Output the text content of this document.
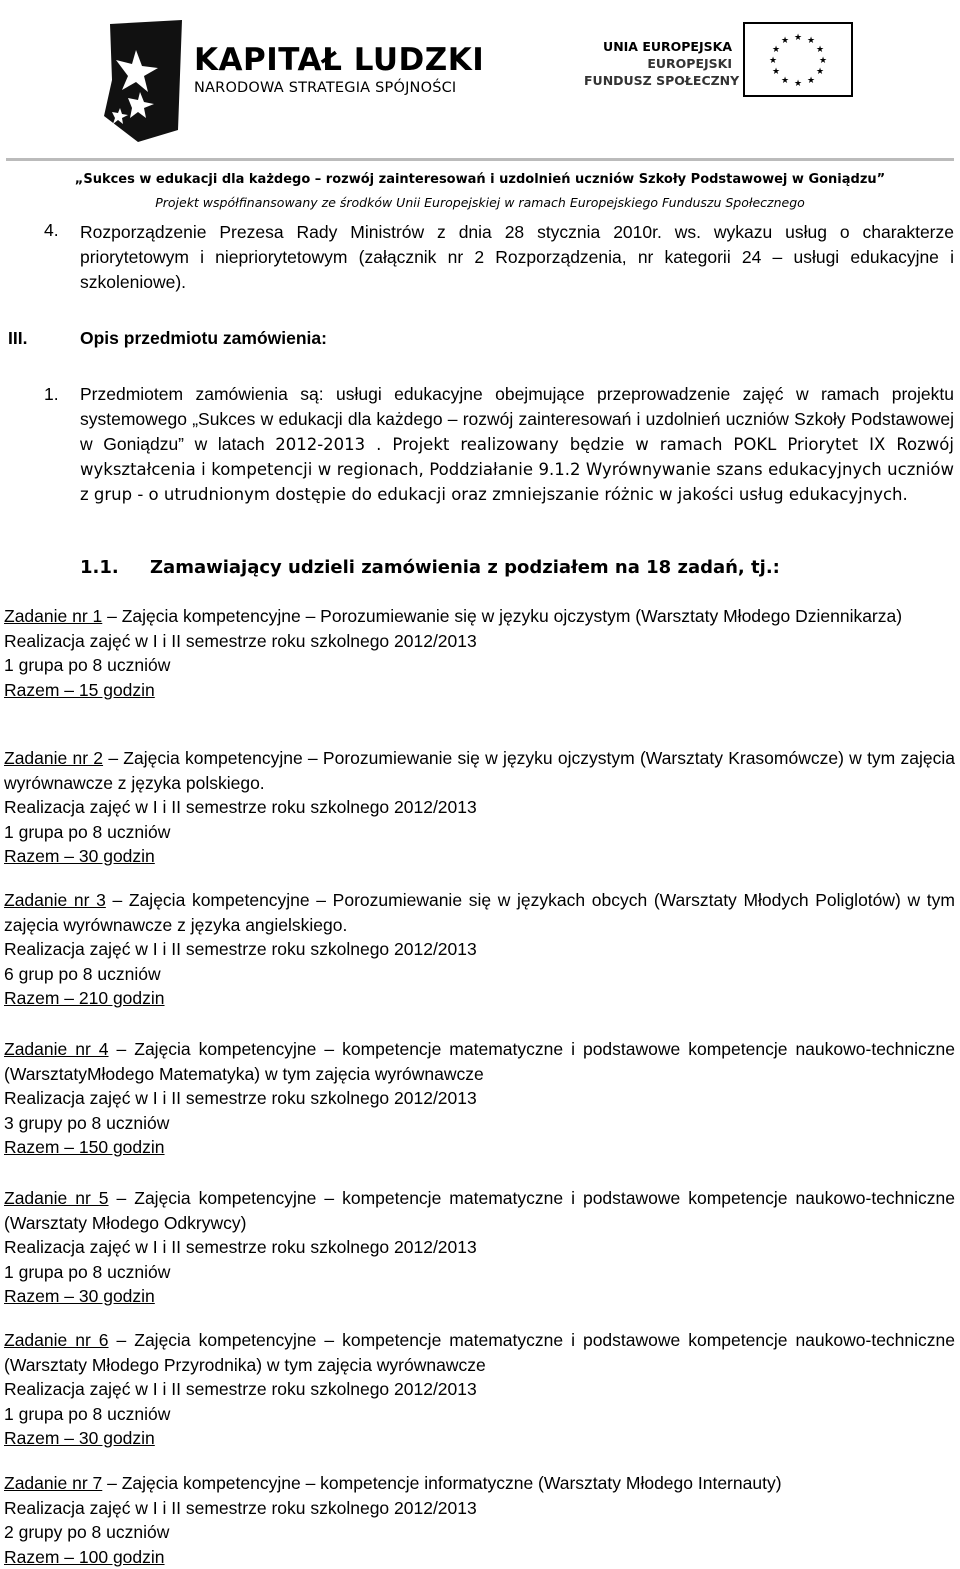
KAPITAŁ LUDZKI
NARODOWA STRATEGIA SPÓJNOŚCI
UNIA EUROPEJSKA
EUROPEJSKI
FUNDUSZ SPOŁECZNY
★ ★
★
★
★
★
★
★
★
★
★
★
„Sukces w edukacji dla każdego – rozwój zainteresowań i uzdolnień uczniów Szkoły Podstawowej w Goniądzu”
Projekt współfinansowany ze środków Unii Europejskiej w ramach Europejskiego Funduszu Społecznego
4. Rozporządzenie Prezesa Rady Ministrów z dnia 28 stycznia 2010r. ws. wykazu usług o charakterze priorytetowym i niepriorytetowym (załącznik nr 2 Rozporządzenia, nr kategorii 24 – usługi edukacyjne i szkoleniowe).
III.	Opis przedmiotu zamówienia:
1. Przedmiotem zamówienia są: usługi edukacyjne obejmujące przeprowadzenie zajęć w ramach projektu systemowego „Sukces w edukacji dla każdego – rozwój zainteresowań i uzdolnień uczniów Szkoły Podstawowej w Goniądzu” w latach 2012-2013 . Projekt realizowany będzie w ramach POKL Priorytet IX Rozwój wykształcenia i kompetencji w regionach, Poddziałanie 9.1.2 Wyrównywanie szans edukacyjnych uczniów z grup - o utrudnionym dostępie do edukacji oraz zmniejszanie różnic w jakości usług edukacyjnych.
1.1. Zamawiający udzieli zamówienia z podziałem na 18 zadań, tj.:
Zadanie nr 1 – Zajęcia kompetencyjne – Porozumiewanie się w języku ojczystym (Warsztaty Młodego Dziennikarza)
Realizacja zajęć w I i II semestrze roku szkolnego 2012/2013
1 grupa po 8 uczniów
Razem – 15 godzin
Zadanie nr 2 – Zajęcia kompetencyjne – Porozumiewanie się w języku ojczystym (Warsztaty Krasomówcze) w tym zajęcia wyrównawcze z języka polskiego.
Realizacja zajęć w I i II semestrze roku szkolnego 2012/2013
1 grupa po 8 uczniów
Razem – 30 godzin
Zadanie nr 3 – Zajęcia kompetencyjne – Porozumiewanie się w językach obcych (Warsztaty Młodych Poliglotów) w tym zajęcia wyrównawcze z języka angielskiego.
Realizacja zajęć w I i II semestrze roku szkolnego 2012/2013
6 grup po 8 uczniów
Razem – 210 godzin
Zadanie nr 4 – Zajęcia kompetencyjne – kompetencje matematyczne i podstawowe kompetencje naukowo-techniczne (WarsztatyMłodego Matematyka) w tym zajęcia wyrównawcze
Realizacja zajęć w I i II semestrze roku szkolnego 2012/2013
3 grupy po 8 uczniów
Razem – 150 godzin
Zadanie nr 5 – Zajęcia kompetencyjne – kompetencje matematyczne i podstawowe kompetencje naukowo-techniczne (Warsztaty Młodego Odkrywcy)
Realizacja zajęć w I i II semestrze roku szkolnego 2012/2013
1 grupa po 8 uczniów
Razem – 30 godzin
Zadanie nr 6 – Zajęcia kompetencyjne – kompetencje matematyczne i podstawowe kompetencje naukowo-techniczne (Warsztaty Młodego Przyrodnika) w tym zajęcia wyrównawcze
Realizacja zajęć w I i II semestrze roku szkolnego 2012/2013
1 grupa po 8 uczniów
Razem – 30 godzin
Zadanie nr 7 – Zajęcia kompetencyjne – kompetencje informatyczne (Warsztaty Młodego Internauty)
Realizacja zajęć w I i II semestrze roku szkolnego 2012/2013
2 grupy po 8 uczniów
Razem – 100 godzin
